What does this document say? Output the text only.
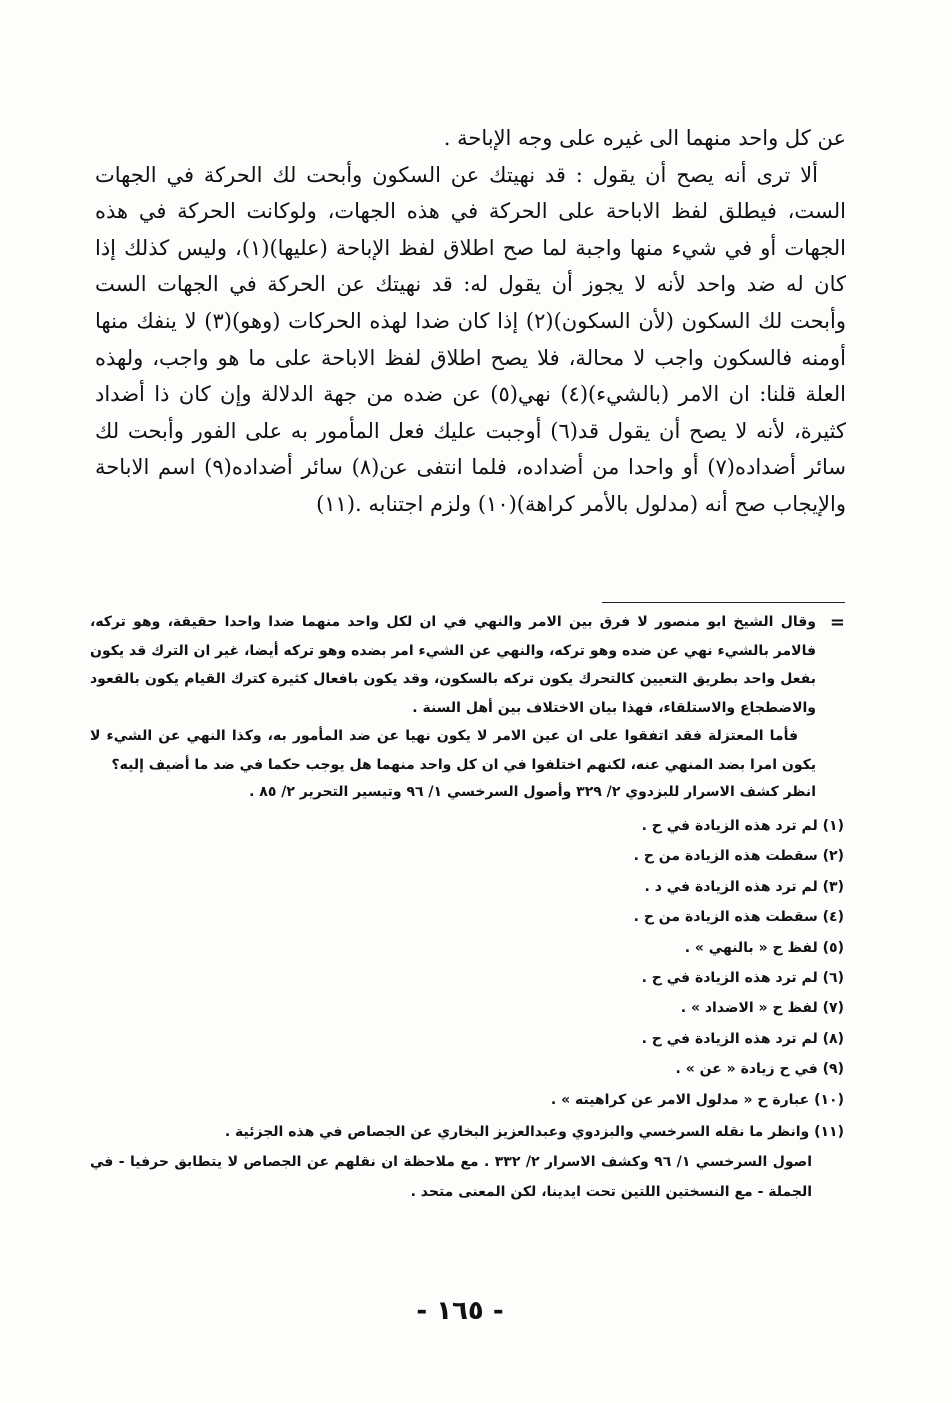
عن كل واحد منهما الى غيره على وجه الإباحة .

ألا ترى أنه يصح أن يقول : قد نهيتك عن السكون وأبحت لك الحركة في الجهات الست، فيطلق لفظ الاباحة على الحركة في هذه الجهات، ولوكانت الحركة في هذه الجهات أو في شيء منها واجبة لما صح اطلاق لفظ الإباحة (عليها)(١)، وليس كذلك إذا كان له ضد واحد لأنه لا يجوز أن يقول له: قد نهيتك عن الحركة في الجهات الست وأبحت لك السكون (لأن السكون)(٢) إذا كان ضدا لهذه الحركات (وهو)(٣) لا ينفك منها أومنه فالسكون واجب لا محالة، فلا يصح اطلاق لفظ الاباحة على ما هو واجب، ولهذه العلة قلنا: ان الامر (بالشيء)(٤) نهي(٥) عن ضده من جهة الدلالة وإن كان ذا أضداد كثيرة، لأنه لا يصح أن يقول قد(٦) أوجبت عليك فعل المأمور به على الفور وأبحت لك سائر أضداده(٧) أو واحدا من أضداده، فلما انتفى عن(٨) سائر أضداده(٩) اسم الاباحة والإيجاب صح أنه (مدلول بالأمر كراهة)(١٠) ولزم اجتنابه .(١١)

=

وقال الشيخ ابو منصور لا فرق بين الامر والنهي في ان لكل واحد منهما ضدا واحدا حقيقة، وهو تركه، فالامر بالشيء نهي عن ضده وهو تركه، والنهي عن الشيء امر بضده وهو تركه أيضا، غير ان الترك قد يكون بفعل واحد بطريق التعيين كالتحرك يكون تركه بالسكون، وقد يكون بافعال كثيرة كترك القيام يكون بالقعود والاضطجاع والاستلقاء، فهذا بيان الاختلاف بين أهل السنة .

فأما المعتزلة فقد اتفقوا على ان عين الامر لا يكون نهيا عن ضد المأمور به، وكذا النهي عن الشيء لا يكون امرا بضد المنهي عنه، لكنهم اختلفوا في ان كل واحد منهما هل يوجب حكما في ضد ما أضيف إليه؟

انظر كشف الاسرار للبزدوي ٢/ ٣٢٩ وأصول السرخسي ١/ ٩٦ وتيسير التحرير ٢/ ٨٥ .

(١) لم ترد هذه الزيادة في ح .
(٢) سقطت هذه الزيادة من ح .
(٣) لم ترد هذه الزيادة في د .
(٤) سقطت هذه الزيادة من ح .
(٥) لفظ ح « بالنهي » .
(٦) لم ترد هذه الزيادة في ح .
(٧) لفظ ح « الاضداد » .
(٨) لم ترد هذه الزيادة في ح .
(٩) في ح زيادة « عن » .
(١٠) عبارة ح « مدلول الامر عن كراهيته » .
(١١) وانظر ما نقله السرخسي والبزدوي وعبدالعزيز البخاري عن الجصاص في هذه الجزئية .
اصول السرخسي ١/ ٩٦ وكشف الاسرار ٢/ ٣٣٢ . مع ملاحظة ان نقلهم عن الجصاص لا يتطابق حرفيا - في الجملة - مع النسختين اللتين تحت ايدينا، لكن المعنى متحد .
- ١٦٥ -
